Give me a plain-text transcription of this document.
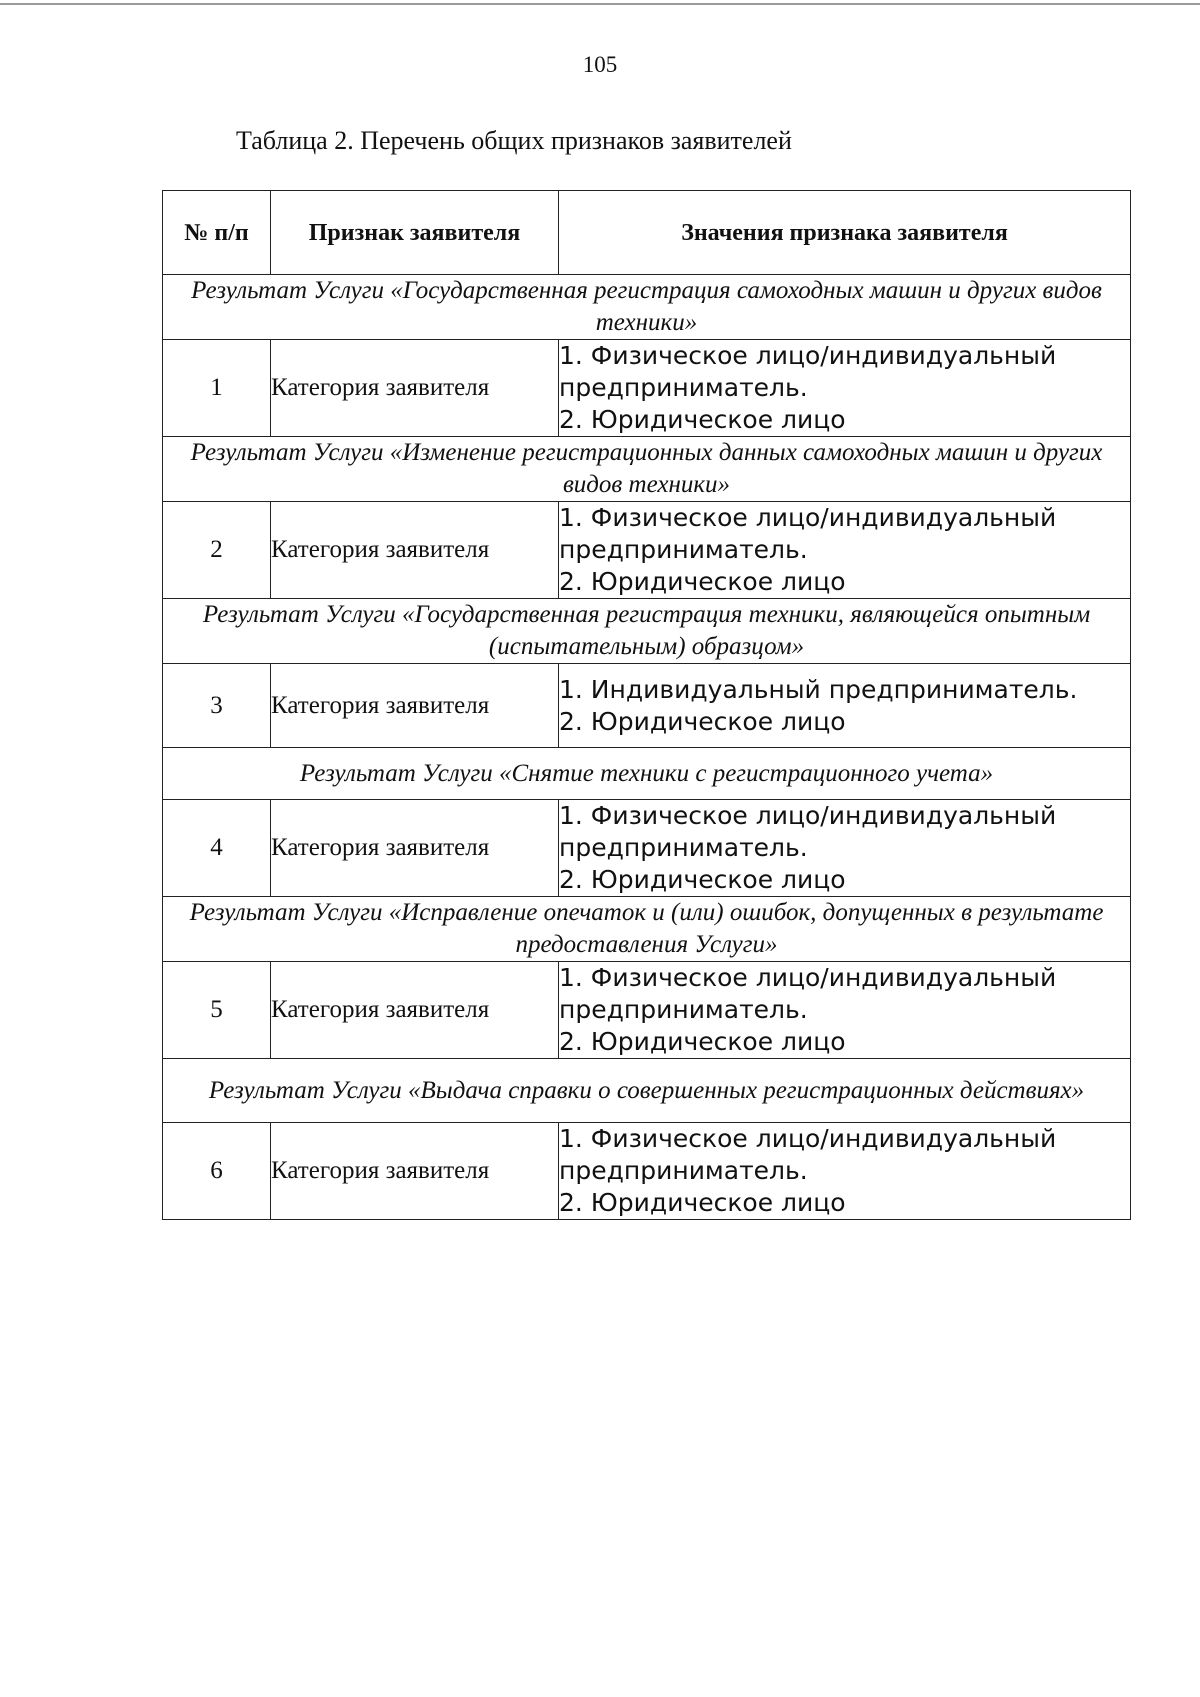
105
Таблица 2. Перечень общих признаков заявителей
№ п/п	Признак заявителя	Значения признака заявителя
Результат Услуги «Государственная регистрация самоходных машин и других видов техники»		
1	Категория заявителя	1. Физическое лицо/индивидуальный
предприниматель.
2. Юридическое лицо

Результат Услуги «Изменение регистрационных данных самоходных машин и других видов техники»		
2	Категория заявителя	1. Физическое лицо/индивидуальный
предприниматель.
2. Юридическое лицо

Результат Услуги «Государственная регистрация техники, являющейся опытным (испытательным) образцом»		
3	Категория заявителя	1. Индивидуальный предприниматель.
2. Юридическое лицо

Результат Услуги «Снятие техники с регистрационного учета»		
4	Категория заявителя	1. Физическое лицо/индивидуальный
предприниматель.
2. Юридическое лицо

Результат Услуги «Исправление опечаток и (или) ошибок, допущенных в результате предоставления Услуги»		
5	Категория заявителя	1. Физическое лицо/индивидуальный
предприниматель.
2. Юридическое лицо

Результат Услуги «Выдача справки о совершенных регистрационных действиях»		
6	Категория заявителя	1. Физическое лицо/индивидуальный
предприниматель.
2. Юридическое лицо
